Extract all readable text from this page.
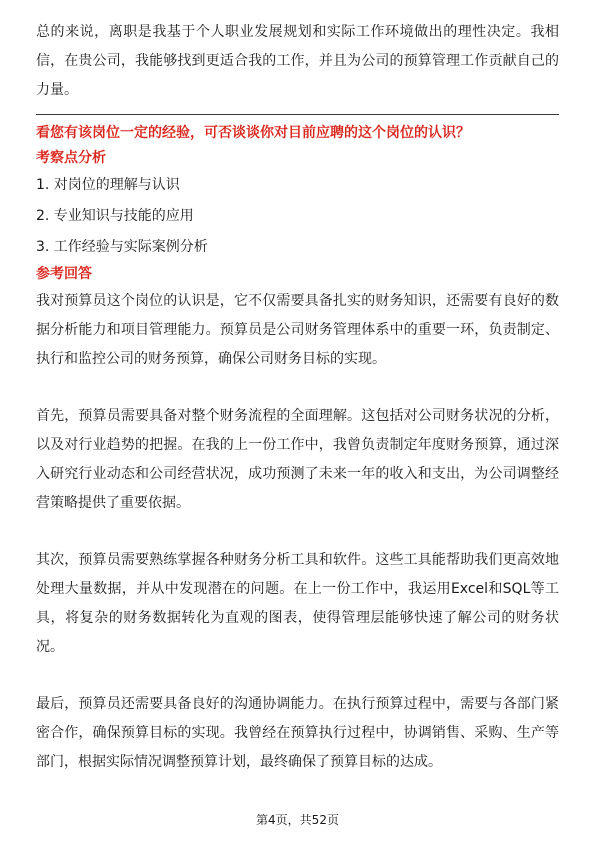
总的来说，离职是我基于个人职业发展规划和实际工作环境做出的理性决定。我相信，在贵公司，我能够找到更适合我的工作，并且为公司的预算管理工作贡献自己的力量。

看您有该岗位一定的经验，可否谈谈你对目前应聘的这个岗位的认识？
考察点分析
1. 对岗位的理解与认识
2. 专业知识与技能的应用
3. 工作经验与实际案例分析
参考回答

我对预算员这个岗位的认识是，它不仅需要具备扎实的财务知识，还需要有良好的数据分析能力和项目管理能力。预算员是公司财务管理体系中的重要一环，负责制定、执行和监控公司的财务预算，确保公司财务目标的实现。

首先，预算员需要具备对整个财务流程的全面理解。这包括对公司财务状况的分析，以及对行业趋势的把握。在我的上一份工作中，我曾负责制定年度财务预算，通过深入研究行业动态和公司经营状况，成功预测了未来一年的收入和支出，为公司调整经营策略提供了重要依据。

其次，预算员需要熟练掌握各种财务分析工具和软件。这些工具能帮助我们更高效地处理大量数据，并从中发现潜在的问题。在上一份工作中，我运用Excel和SQL等工具，将复杂的财务数据转化为直观的图表，使得管理层能够快速了解公司的财务状况。

最后，预算员还需要具备良好的沟通协调能力。在执行预算过程中，需要与各部门紧密合作，确保预算目标的实现。我曾经在预算执行过程中，协调销售、采购、生产等部门，根据实际情况调整预算计划，最终确保了预算目标的达成。

第4页，共52页
